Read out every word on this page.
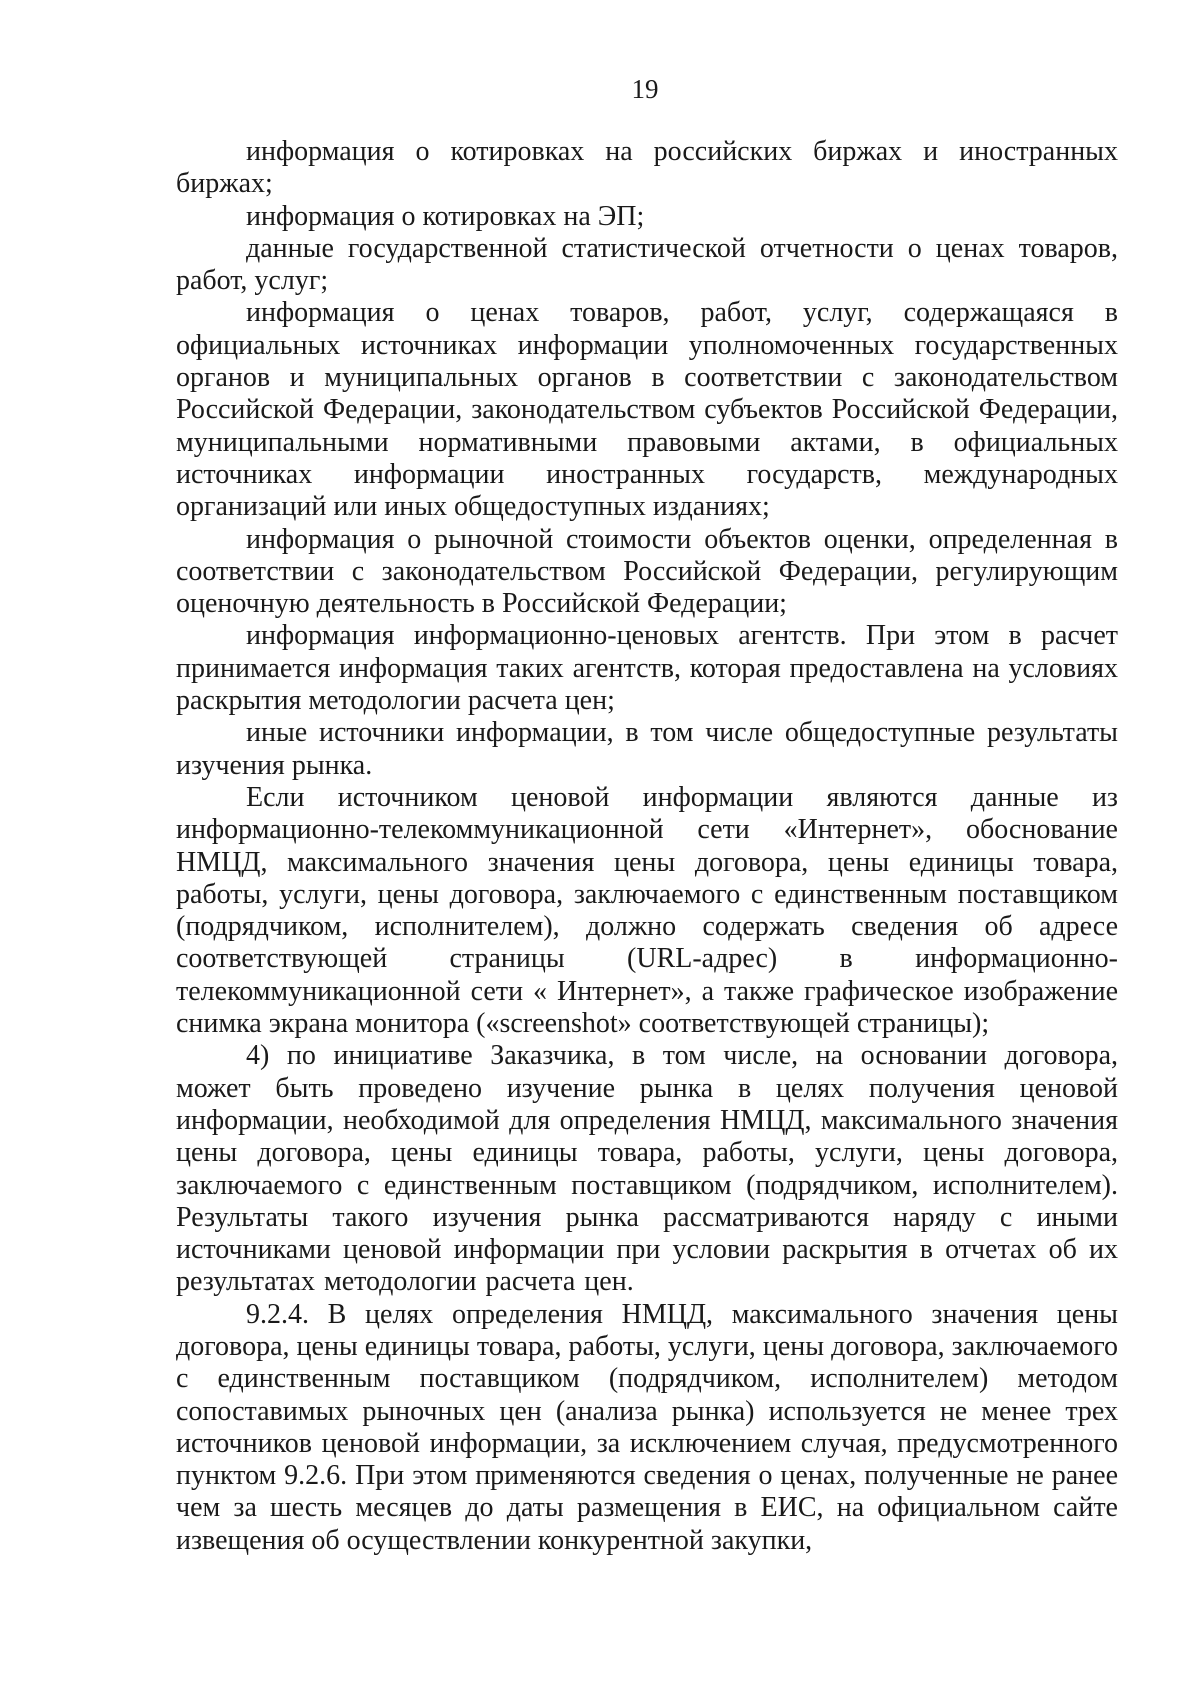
19

информация о котировках на российских биржах и иностранных биржах;

информация о котировках на ЭП;

данные государственной статистической отчетности о ценах товаров, работ, услуг;

информация о ценах товаров, работ, услуг, содержащаяся в официальных источниках информации уполномоченных государственных органов и муниципальных органов в соответствии с законодательством Российской Федерации, законодательством субъектов Российской Федерации, муниципальными нормативными правовыми актами, в официальных источниках информации иностранных государств, международных организаций или иных общедоступных изданиях;

информация о рыночной стоимости объектов оценки, определенная в соответствии с законодательством Российской Федерации, регулирующим оценочную деятельность в Российской Федерации;

информация информационно-ценовых агентств. При этом в расчет принимается информация таких агентств, которая предоставлена на условиях раскрытия методологии расчета цен;

иные источники информации, в том числе общедоступные результаты изучения рынка.

Если источником ценовой информации являются данные из информационно-телекоммуникационной сети «Интернет», обоснование НМЦД, максимального значения цены договора, цены единицы товара, работы, услуги, цены договора, заключаемого с единственным поставщиком (подрядчиком, исполнителем), должно содержать сведения об адресе соответствующей страницы (URL-адрес) в информационно-телекоммуникационной сети « Интернет», а также графическое изображение снимка экрана монитора («screenshot» соответствующей страницы);

4) по инициативе Заказчика, в том числе, на основании договора, может быть проведено изучение рынка в целях получения ценовой информации, необходимой для определения НМЦД, максимального значения цены договора, цены единицы товара, работы, услуги, цены договора, заключаемого с единственным поставщиком (подрядчиком, исполнителем). Результаты такого изучения рынка рассматриваются наряду с иными источниками ценовой информации при условии раскрытия в отчетах об их результатах методологии расчета цен.

9.2.4. В целях определения НМЦД, максимального значения цены договора, цены единицы товара, работы, услуги, цены договора, заключаемого с единственным поставщиком (подрядчиком, исполнителем) методом сопоставимых рыночных цен (анализа рынка) используется не менее трех источников ценовой информации, за исключением случая, предусмотренного пунктом 9.2.6. При этом применяются сведения о ценах, полученные не ранее чем за шесть месяцев до даты размещения в ЕИС, на официальном сайте извещения об осуществлении конкурентной закупки,
